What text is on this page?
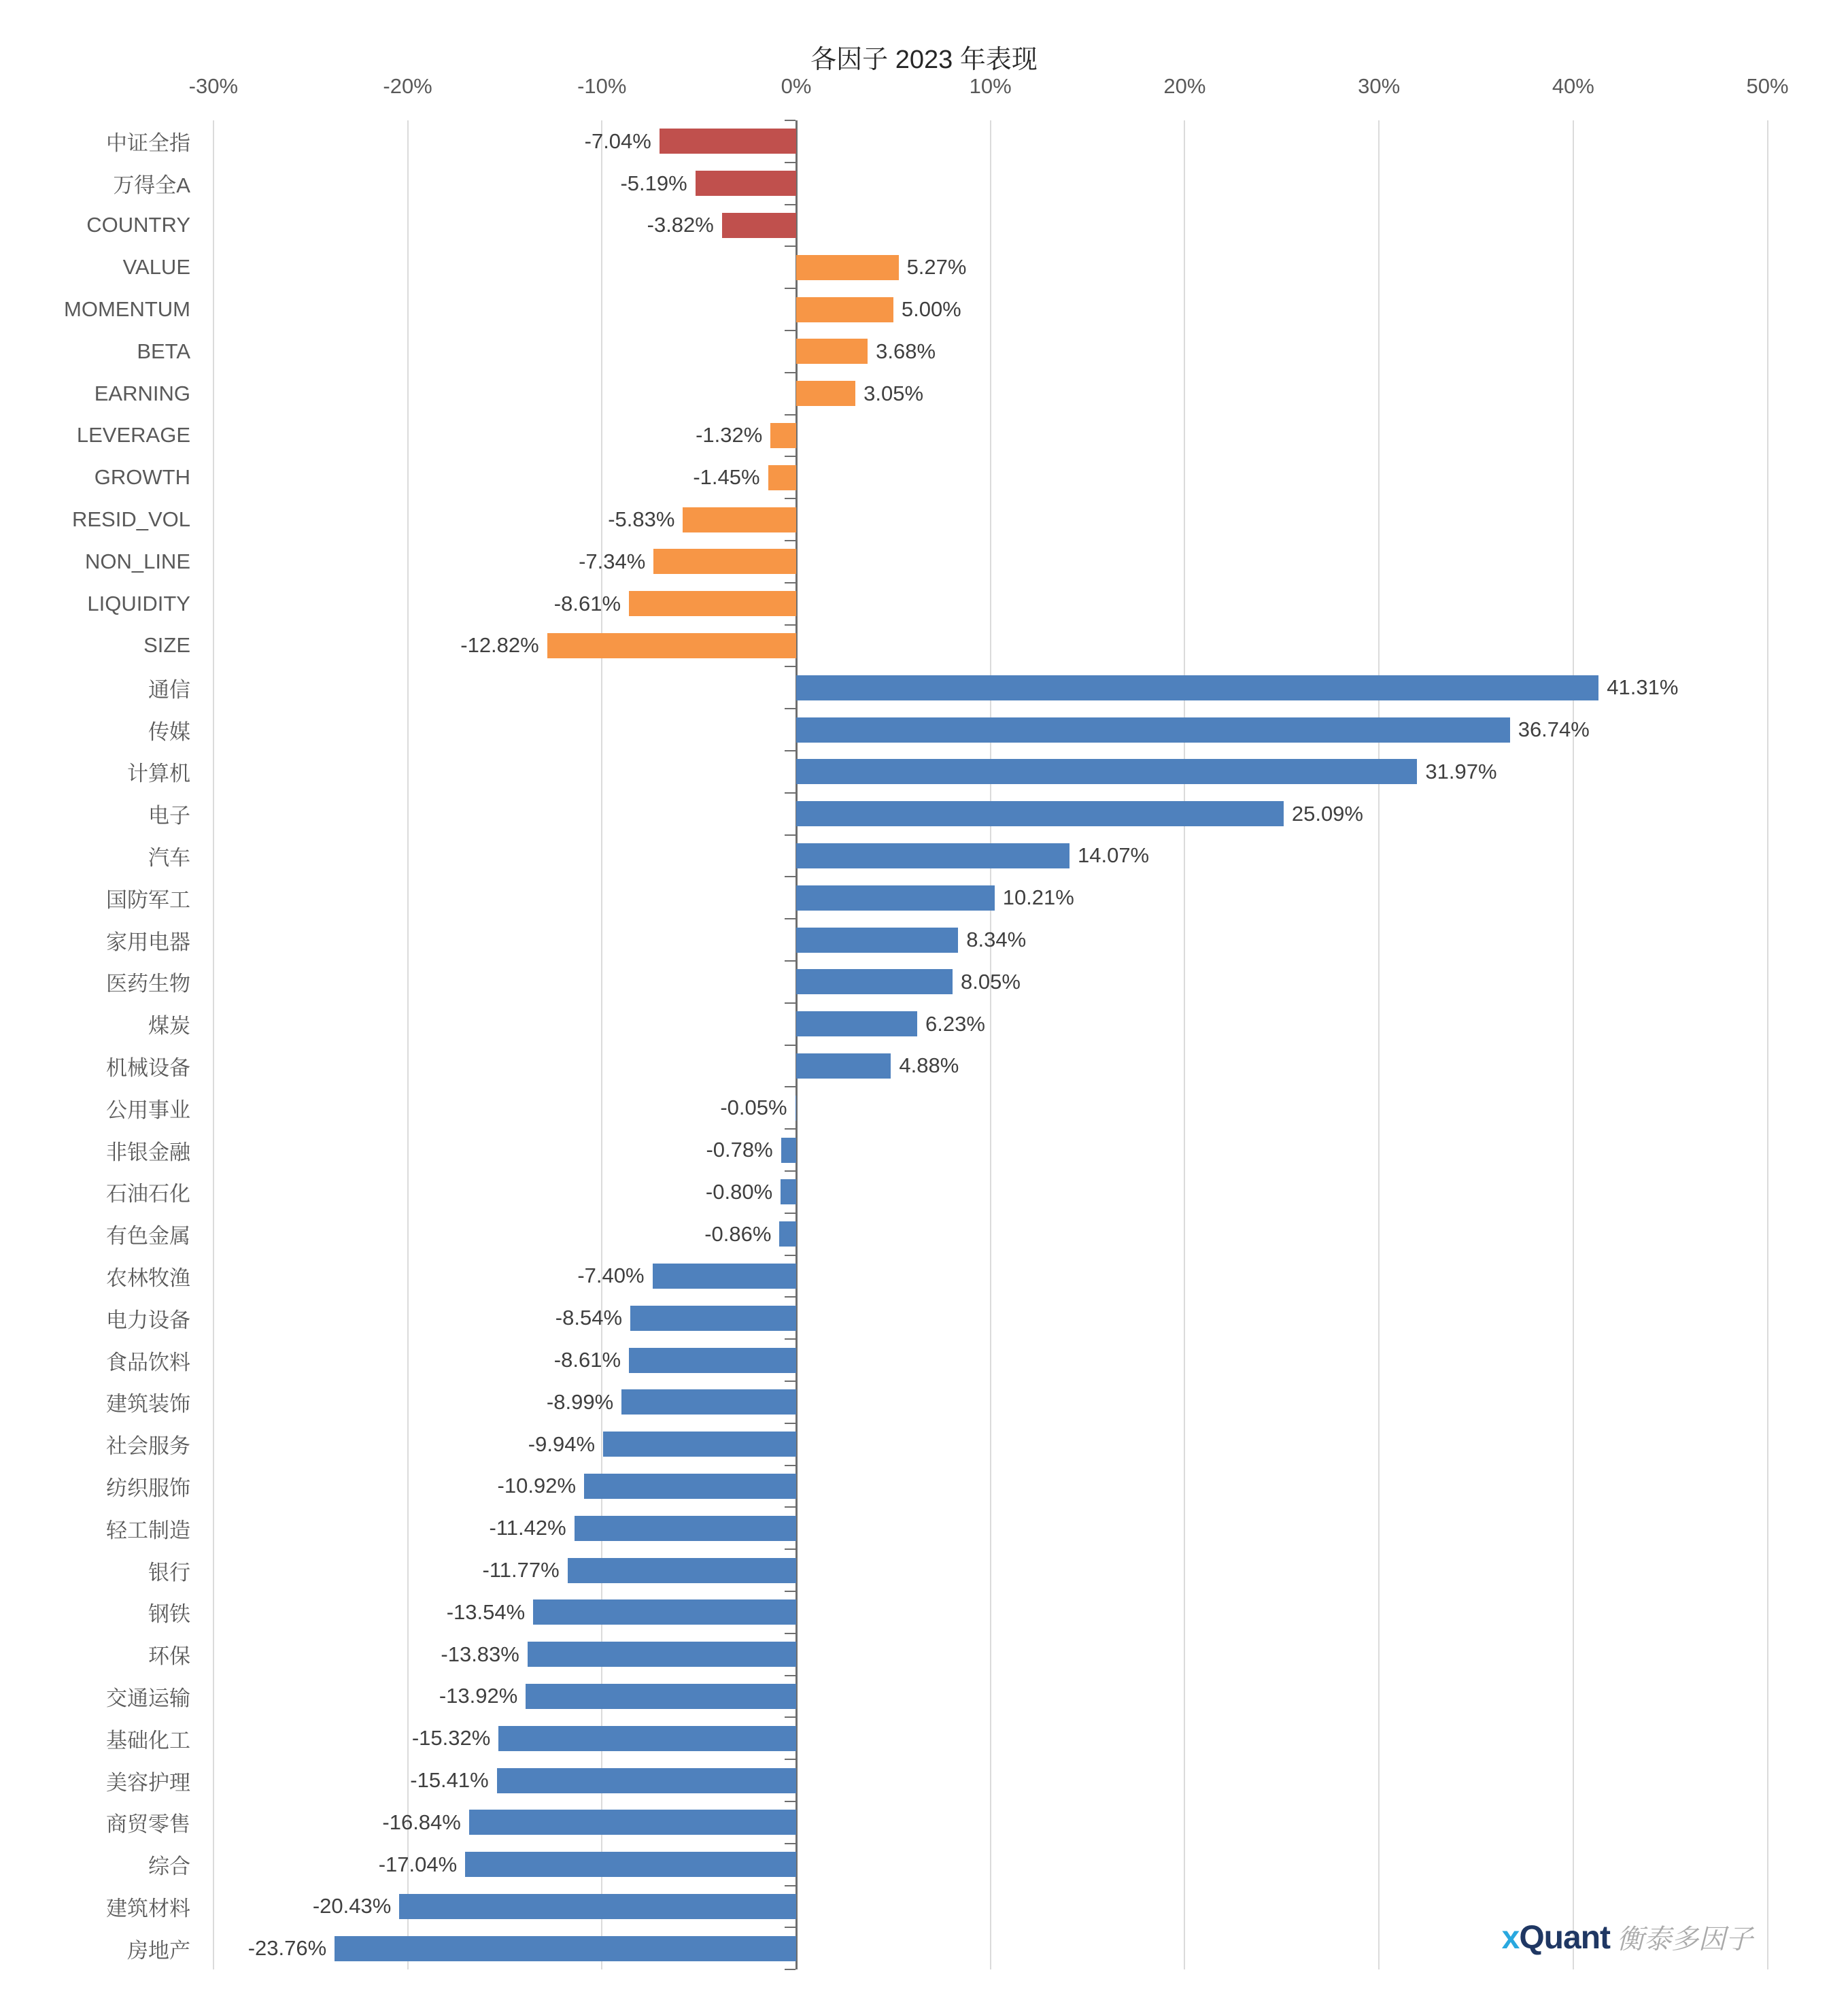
各因子 2023 年表现
-30%	-20%	-10%	0%	10%	20%	30%	40%	50%
中证全指	-7.04%
万得全A	-5.19%
COUNTRY	-3.82%
VALUE	5.27%
MOMENTUM	5.00%
BETA	3.68%
EARNING	3.05%
LEVERAGE	-1.32%
GROWTH	-1.45%
RESID_VOL	-5.83%
NON_LINE	-7.34%
LIQUIDITY	-8.61%
SIZE	-12.82%
通信	41.31%
传媒	36.74%
计算机	31.97%
电子	25.09%
汽车	14.07%
国防军工	10.21%
家用电器	8.34%
医药生物	8.05%
煤炭	6.23%
机械设备	4.88%
公用事业	-0.05%
非银金融	-0.78%
石油石化	-0.80%
有色金属	-0.86%
农林牧渔	-7.40%
电力设备	-8.54%
食品饮料	-8.61%
建筑装饰	-8.99%
社会服务	-9.94%
纺织服饰	-10.92%
轻工制造	-11.42%
银行	-11.77%
钢铁	-13.54%
环保	-13.83%
交通运输	-13.92%
基础化工	-15.32%
美容护理	-15.41%
商贸零售	-16.84%
综合	-17.04%
建筑材料	-20.43%
房地产	-23.76%	x Quant 衡泰多因子
